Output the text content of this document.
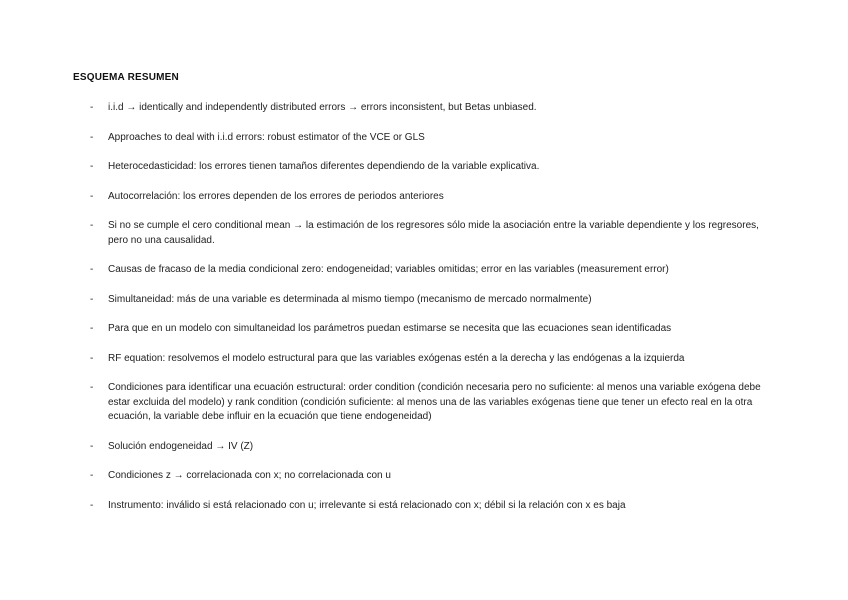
ESQUEMA RESUMEN
-	i.i.d → identically and independently distributed errors → errors inconsistent, but Betas unbiased.
-	Approaches to deal with i.i.d errors: robust estimator of the VCE or GLS
-	Heterocedasticidad: los errores tienen tamaños diferentes dependiendo de la variable explicativa.
-	Autocorrelación: los errores dependen de los errores de periodos anteriores
-	Si no se cumple el cero conditional mean → la estimación de los regresores sólo mide la asociación entre la variable dependiente y los regresores, pero no una causalidad.
-	Causas de fracaso de la media condicional zero: endogeneidad; variables omitidas; error en las variables (measurement error)
-	Simultaneidad: más de una variable es determinada al mismo tiempo (mecanismo de mercado normalmente)
-	Para que en un modelo con simultaneidad los parámetros puedan estimarse se necesita que las ecuaciones sean identificadas
-	RF equation: resolvemos el modelo estructural para que las variables exógenas estén a la derecha y las endógenas a la izquierda
-	Condiciones para identificar una ecuación estructural: order condition (condición necesaria pero no suficiente: al menos una variable exógena debe estar excluida del modelo) y rank condition (condición suficiente: al menos una de las variables exógenas tiene que tener un efecto real en la otra ecuación, la variable debe influir en la ecuación que tiene endogeneidad)
-	Solución endogeneidad → IV (Z)
-	Condiciones z → correlacionada con x; no correlacionada con u
-	Instrumento: inválido si está relacionado con u; irrelevante si está relacionado con x; débil si la relación con x es baja
